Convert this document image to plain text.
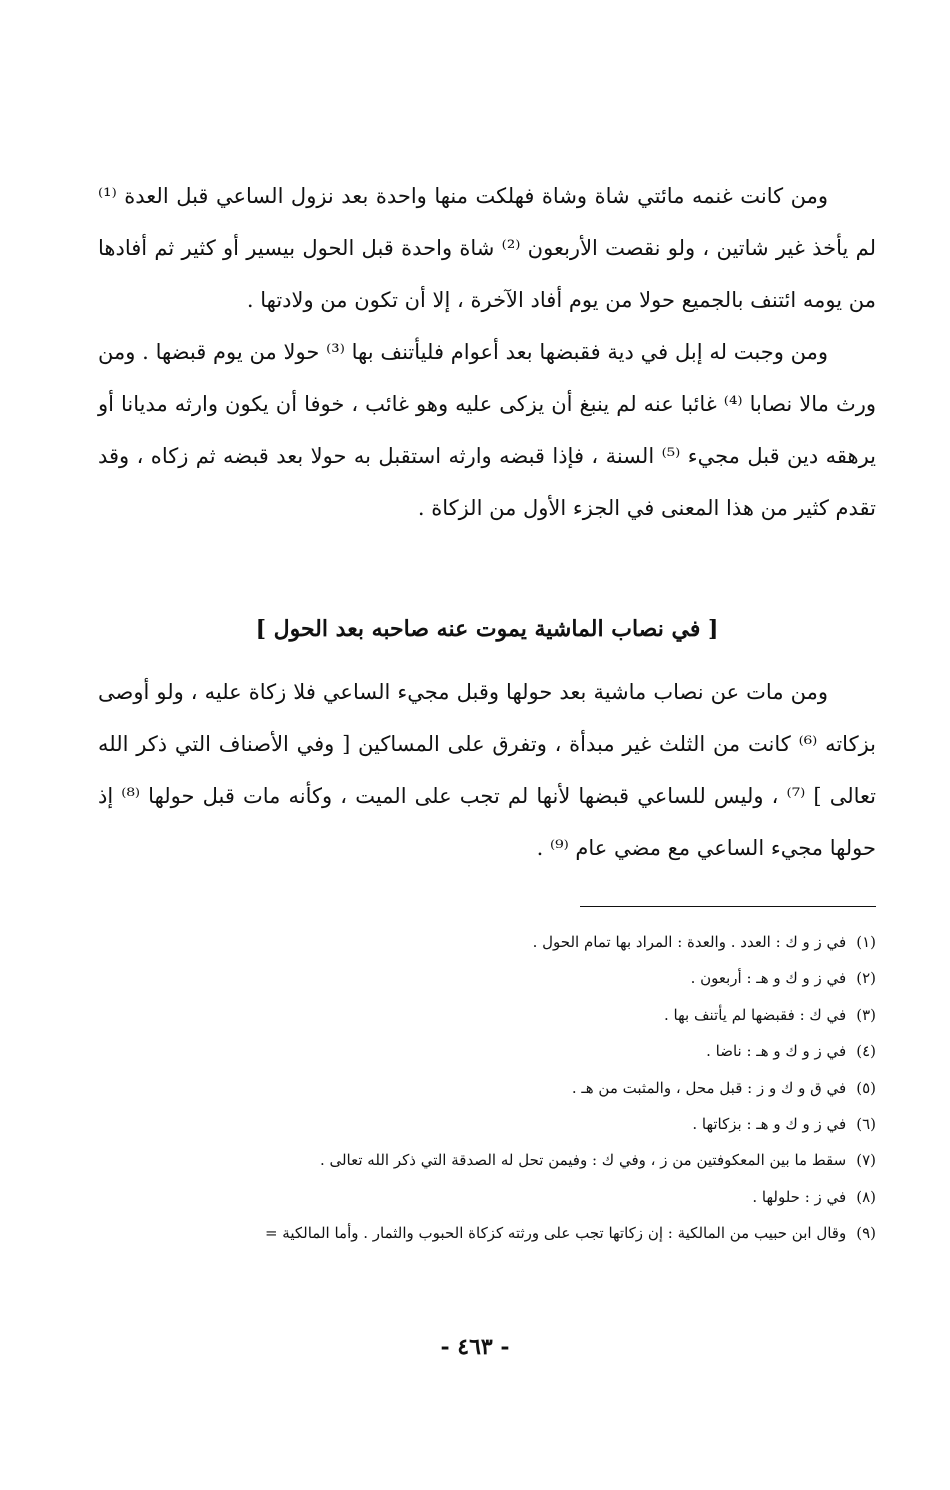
ومن كانت غنمه مائتي شاة وشاة فهلكت منها واحدة بعد نزول الساعي قبل العدة ⁽¹⁾ لم يأخذ غير شاتين ، ولو نقصت الأربعون ⁽²⁾ شاة واحدة قبل الحول بيسير أو كثير ثم أفادها من يومه ائتنف بالجميع حولا من يوم أفاد الآخرة ، إلا أن تكون من ولادتها .

ومن وجبت له إبل في دية فقبضها بعد أعوام فليأتنف بها ⁽³⁾ حولا من يوم قبضها . ومن ورث مالا نصابا ⁽⁴⁾ غائبا عنه لم ينبغ أن يزكى عليه وهو غائب ، خوفا أن يكون وارثه مديانا أو يرهقه دين قبل مجيء ⁽⁵⁾ السنة ، فإذا قبضه وارثه استقبل به حولا بعد قبضه ثم زكاه ، وقد تقدم كثير من هذا المعنى في الجزء الأول من الزكاة .

[ في نصاب الماشية يموت عنه صاحبه بعد الحول ]

ومن مات عن نصاب ماشية بعد حولها وقبل مجيء الساعي فلا زكاة عليه ، ولو أوصى بزكاته ⁽⁶⁾ كانت من الثلث غير مبدأة ، وتفرق على المساكين [ وفي الأصناف التي ذكر الله تعالى ] ⁽⁷⁾ ، وليس للساعي قبضها لأنها لم تجب على الميت ، وكأنه مات قبل حولها ⁽⁸⁾ إذ حولها مجيء الساعي مع مضي عام ⁽⁹⁾ .

(١)في ز و ك : العدد . والعدة : المراد بها تمام الحول .
(٢)في ز و ك و هـ : أربعون .
(٣)في ك : فقبضها لم يأتنف بها .
(٤)في ز و ك و هـ : ناضا .
(٥)في ق و ك و ز : قبل محل ، والمثبت من هـ .
(٦)في ز و ك و هـ : بزكاتها .
(٧)سقط ما بين المعكوفتين من ز ، وفي ك : وفيمن تحل له الصدقة التي ذكر الله تعالى .
(٨)في ز : حلولها .
(٩)وقال ابن حبيب من المالكية : إن زكاتها تجب على ورثته كزكاة الحبوب والثمار . وأما المالكية =
- ٤٦٣ -
